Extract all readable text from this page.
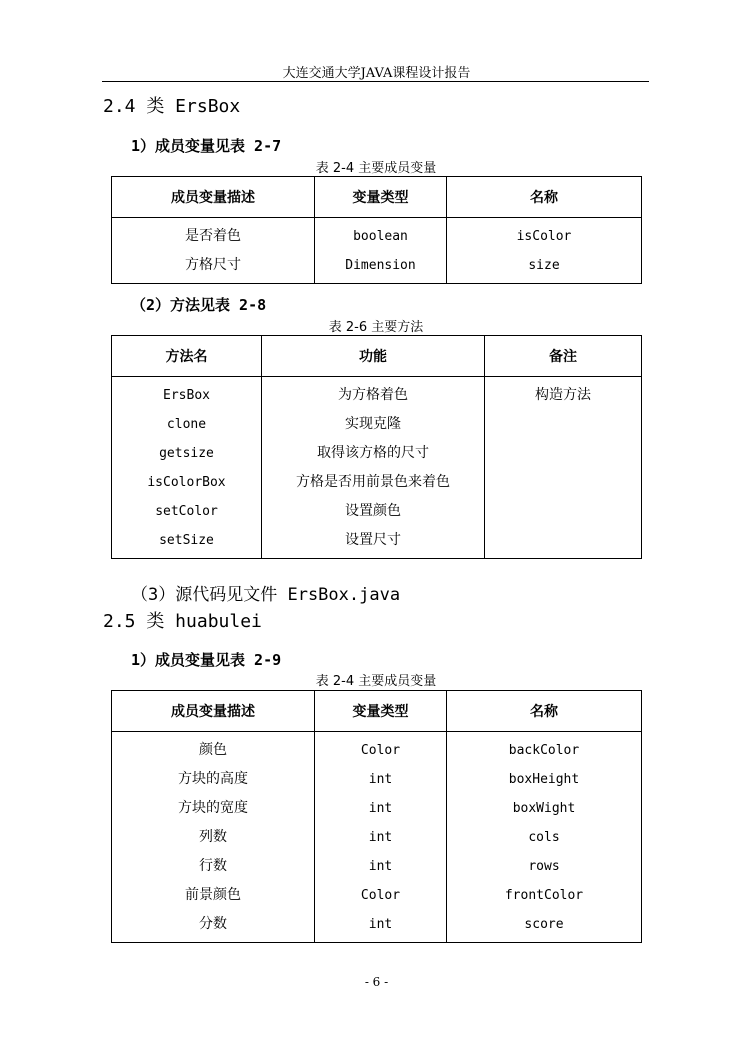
大连交通大学JAVA课程设计报告
2.4 类 ErsBox
1）成员变量见表 2-7
表 2-4 主要成员变量
成员变量描述	变量类型	名称
是否着色	boolean	isColor
方格尺寸	Dimension	size
（2）方法见表 2-8
表 2-6 主要方法
方法名	功能	备注
ErsBox	为方格着色	构造方法
clone	实现克隆	
getsize	取得该方格的尺寸	
isColorBox	方格是否用前景色来着色	
setColor	设置颜色	
setSize	设置尺寸	
（3）源代码见文件 ErsBox.java
2.5 类 huabulei
1）成员变量见表 2-9
表 2-4 主要成员变量
成员变量描述	变量类型	名称
颜色	Color	backColor
方块的高度	int	boxHeight
方块的宽度	int	boxWight
列数	int	cols
行数	int	rows
前景颜色	Color	frontColor
分数	int	score
- 6 -
